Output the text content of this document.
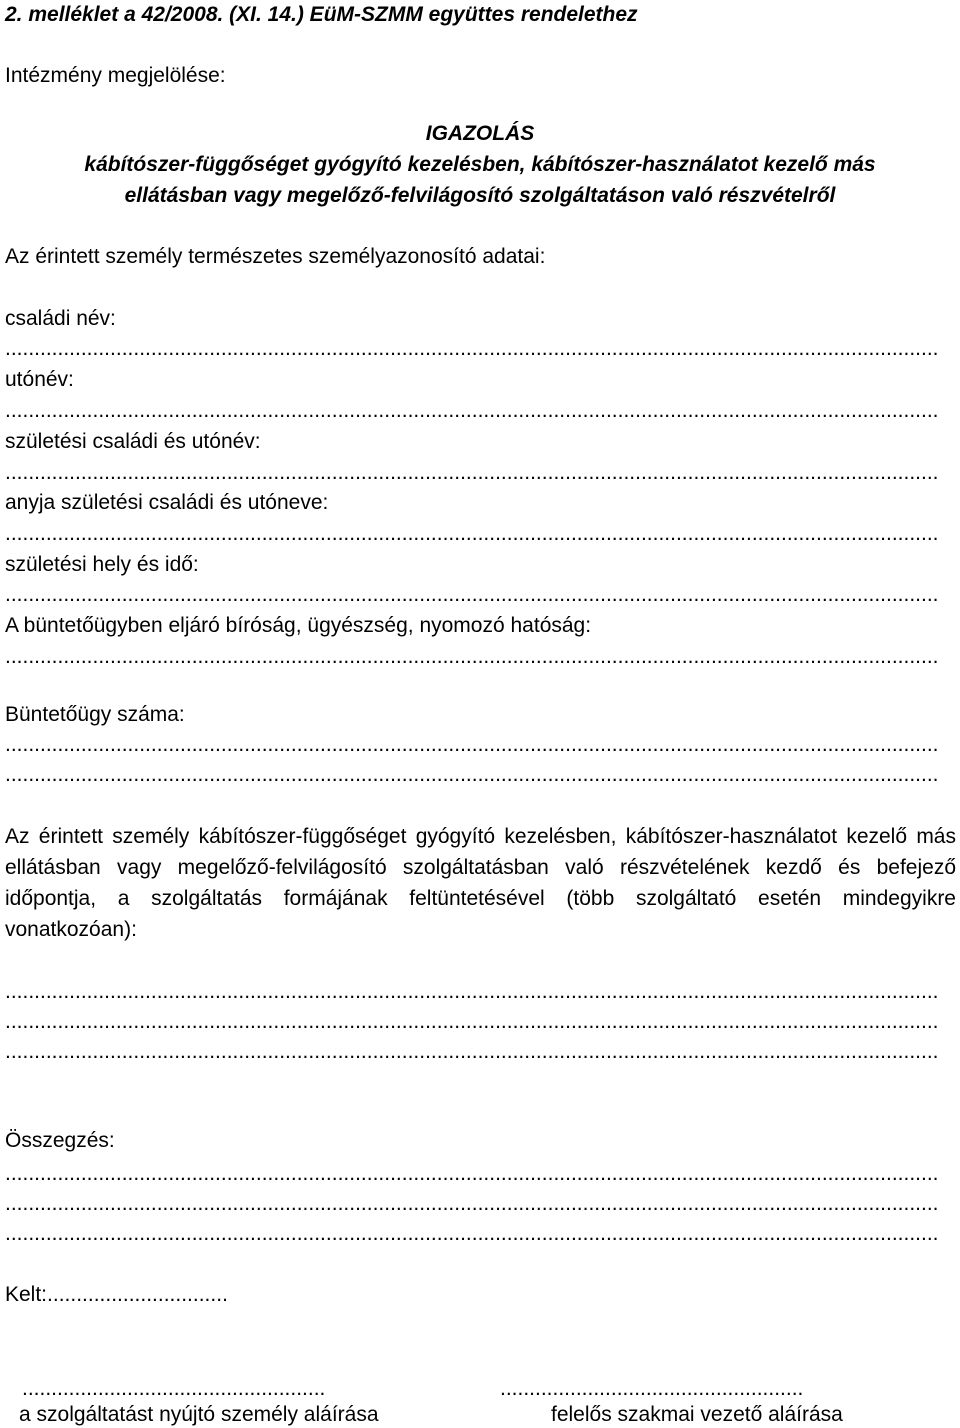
2. melléklet a 42/2008. (XI. 14.) EüM-SZMM együttes rendelethez
Intézmény megjelölése:
IGAZOLÁS
kábítószer-függőséget gyógyító kezelésben, kábítószer-használatot kezelő más
ellátásban vagy megelőző-felvilágosító szolgáltatáson való részvételről
Az érintett személy természetes személyazonosító adatai:
családi név:
................................................................................................................................................................
utónév:
................................................................................................................................................................
születési családi és utónév:
................................................................................................................................................................
anyja születési családi és utóneve:
................................................................................................................................................................
születési hely és idő:
................................................................................................................................................................
A büntetőügyben eljáró bíróság, ügyészség, nyomozó hatóság:
................................................................................................................................................................
Büntetőügy száma:
................................................................................................................................................................
................................................................................................................................................................
Az érintett személy kábítószer-függőséget gyógyító kezelésben, kábítószer-használatot kezelő más ellátásban vagy megelőző-felvilágosító szolgáltatásban való részvételének kezdő és befejező időpontja, a szolgáltatás formájának feltüntetésével (több szolgáltató esetén mindegyikre vonatkozóan):
................................................................................................................................................................
................................................................................................................................................................
................................................................................................................................................................
Összegzés:
................................................................................................................................................................
................................................................................................................................................................
................................................................................................................................................................
Kelt:...............................
....................................................	....................................................
a szolgáltatást nyújtó személy aláírása	felelős szakmai vezető aláírása
